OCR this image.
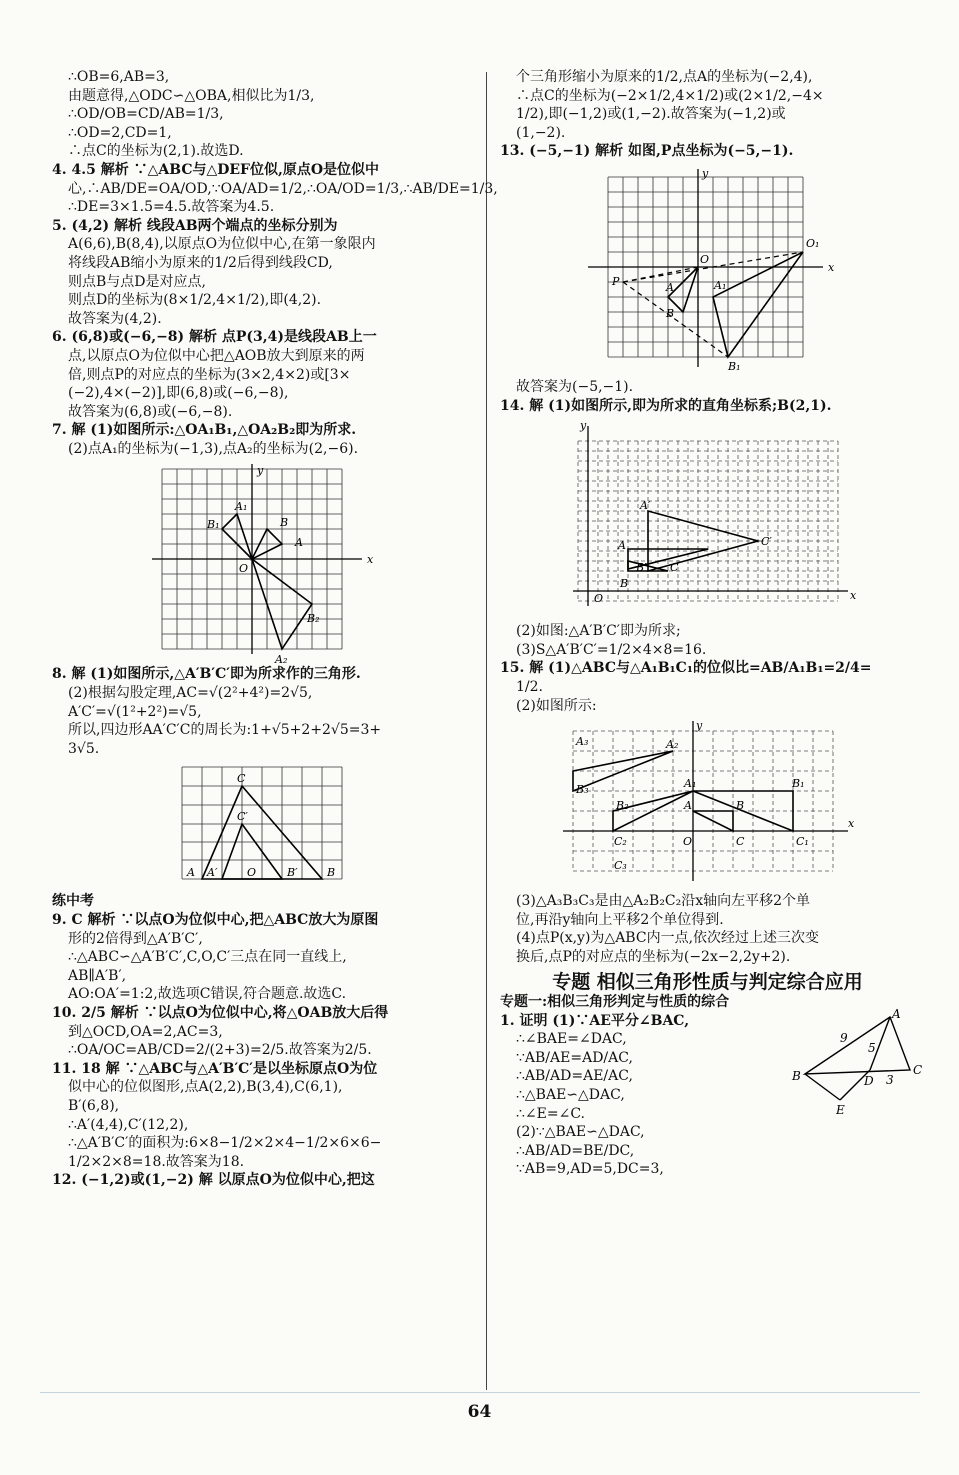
∴OB=6,AB=3,

由题意得,△ODC∽△OBA,相似比为1/3,

∴OD/OB=CD/AB=1/3,

∴OD=2,CD=1,

∴点C的坐标为(2,1).故选D.

4. 4.5 解析 ∵△ABC与△DEF位似,原点O是位似中

心,∴AB/DE=OA/OD,∵OA/AD=1/2,∴OA/OD=1/3,∴AB/DE=1/3,

∴DE=3×1.5=4.5.故答案为4.5.

5. (4,2) 解析 线段AB两个端点的坐标分别为

A(6,6),B(8,4),以原点O为位似中心,在第一象限内

将线段AB缩小为原来的1/2后得到线段CD,

则点B与点D是对应点,

则点D的坐标为(8×1/2,4×1/2),即(4,2).

故答案为(4,2).

6. (6,8)或(−6,−8) 解析 点P(3,4)是线段AB上一

点,以原点O为位似中心把△AOB放大到原来的两

倍,则点P的对应点的坐标为(3×2,4×2)或[3×

(−2),4×(−2)],即(6,8)或(−6,−8),

故答案为(6,8)或(−6,−8).

7. 解 (1)如图所示:△OA₁B₁,△OA₂B₂即为所求.

(2)点A₁的坐标为(−1,3),点A₂的坐标为(2,−6).

x
y
O
A
B
A₁
B₁
A₂
B₂

8. 解 (1)如图所示,△A′B′C′即为所求作的三角形.

(2)根据勾股定理,AC=√(2²+4²)=2√5,

A′C′=√(1²+2²)=√5,

所以,四边形AA′C′C的周长为:1+√5+2+2√5=3+

3√5.

A A′	O	B′	B
C
C′
练中考

9. C 解析 ∵以点O为位似中心,把△ABC放大为原图

形的2倍得到△A′B′C′,

∴△ABC∽△A′B′C′,C,O,C′三点在同一直线上,

AB∥A′B′,

AO:OA′=1:2,故选项C错误,符合题意.故选C.

10. 2/5 解析 ∵以点O为位似中心,将△OAB放大后得

到△OCD,OA=2,AC=3,

∴OA/OC=AB/CD=2/(2+3)=2/5.故答案为2/5.

11. 18 解 ∵△ABC与△A′B′C′是以坐标原点O为位

似中心的位似图形,点A(2,2),B(3,4),C(6,1),

B′(6,8),

∴A′(4,4),C′(12,2),

∴△A′B′C′的面积为:6×8−1/2×2×4−1/2×6×6−

1/2×2×8=18.故答案为18.

12. (−1,2)或(1,−2) 解 以原点O为位似中心,把这

个三角形缩小为原来的1/2,点A的坐标为(−2,4),

∴点C的坐标为(−2×1/2,4×1/2)或(2×1/2,−4×

1/2),即(−1,2)或(1,−2).故答案为(−1,2)或

(1,−2).

13. (−5,−1) 解析 如图,P点坐标为(−5,−1).

x
y
O
O₁
P	A	A₁
B
B₁

故答案为(−5,−1).

14. 解 (1)如图所示,即为所求的直角坐标系;B(2,1).

x
y
O
A
B
C
A′
B′
C′

(2)如图:△A′B′C′即为所求;

(3)S△A′B′C′=1/2×4×8=16.

15. 解 (1)△ABC与△A₁B₁C₁的位似比=AB/A₁B₁=2/4=

1/2.

(2)如图所示:

x
y
O
A	B
C
A₁	B₁
C₁
A₂
B₂
C₂
A₃
B₃
C₃

(3)△A₃B₃C₃是由△A₂B₂C₂沿x轴向左平移2个单

位,再沿y轴向上平移2个单位得到.

(4)点P(x,y)为△ABC内一点,依次经过上述三次变

换后,点P的对应点的坐标为(−2x−2,2y+2).

专题 相似三角形性质与判定综合应用
专题一:相似三角形判定与性质的综合

1. 证明 (1)∵AE平分∠BAC,

∴∠BAE=∠DAC,

∵AB/AE=AD/AC,

∴AB/AD=AE/AC,

∴△BAE∽△DAC,

∴∠E=∠C.

(2)∵△BAE∽△DAC,

∴AB/AD=BE/DC,

∵AB=9,AD=5,DC=3,

A
B	C
D
E
9
5
3
64
